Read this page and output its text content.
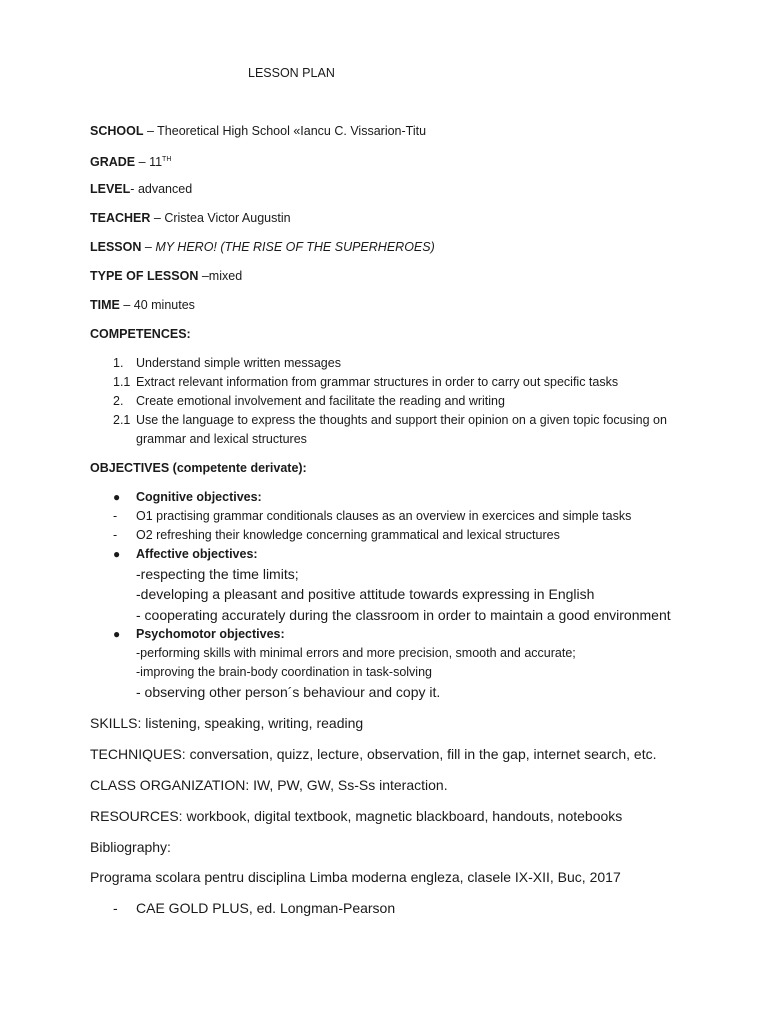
LESSON PLAN
SCHOOL – Theoretical High School «Iancu C. Vissarion-Titu
GRADE – 11TH
LEVEL- advanced
TEACHER – Cristea Victor Augustin
LESSON – MY HERO! (THE RISE OF THE SUPERHEROES)
TYPE OF LESSON –mixed
TIME – 40 minutes
COMPETENCES:
1. Understand simple written messages
1.1 Extract relevant information from grammar structures in order to carry out specific tasks
2. Create emotional involvement and facilitate the reading and writing
2.1 Use the language to express the thoughts and support their opinion on a given topic focusing on
grammar and lexical structures
OBJECTIVES (competente derivate):
● Cognitive objectives:
- O1 practising grammar conditionals clauses as an overview in exercices and simple tasks
- O2 refreshing their knowledge concerning grammatical and lexical structures
● Affective objectives:
-respecting the time limits;
-developing a pleasant and positive attitude towards expressing in English
- cooperating accurately during the classroom in order to maintain a good environment
● Psychomotor objectives:
-performing skills with minimal errors and more precision, smooth and accurate;
-improving the brain-body coordination in task-solving
- observing other person´s behaviour and copy it.
SKILLS: listening, speaking, writing, reading
TECHNIQUES: conversation, quizz, lecture, observation, fill in the gap, internet search, etc.
CLASS ORGANIZATION: IW, PW, GW, Ss-Ss interaction.
RESOURCES: workbook, digital textbook, magnetic blackboard, handouts, notebooks
Bibliography:
Programa scolara pentru disciplina Limba moderna engleza, clasele IX-XII, Buc, 2017
- CAE GOLD PLUS, ed. Longman-Pearson
